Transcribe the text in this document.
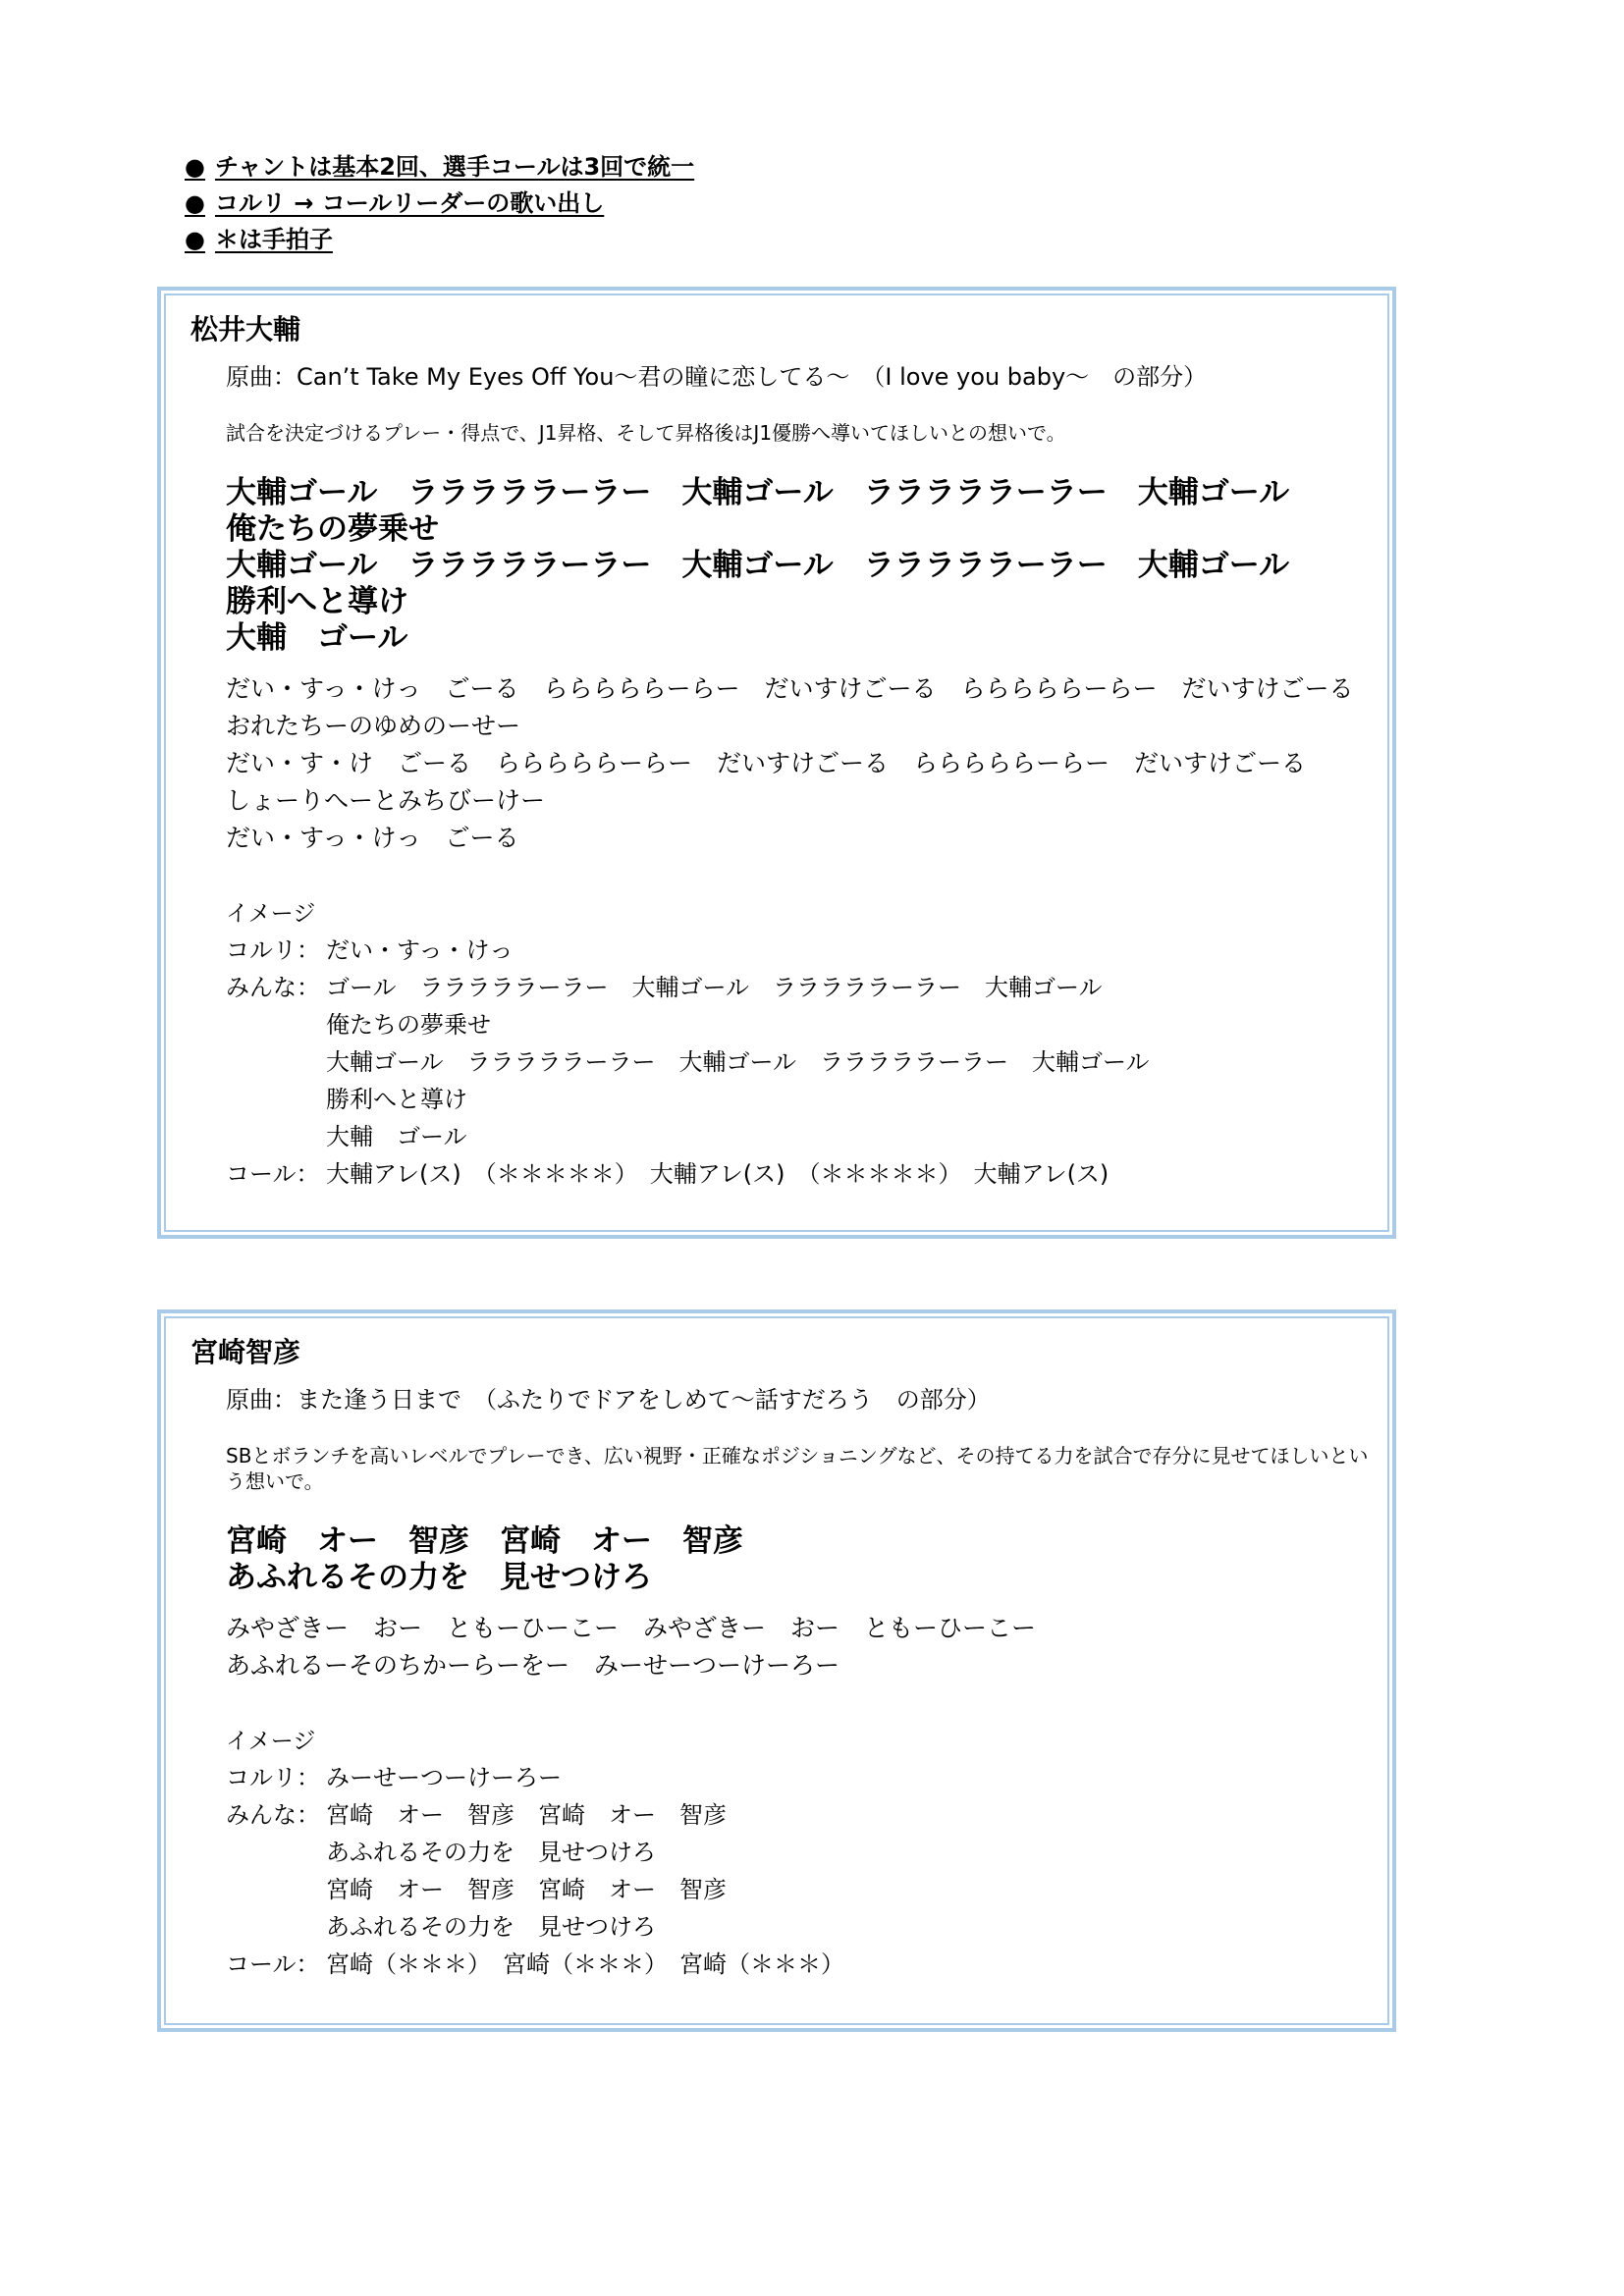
● チャントは基本2回、選手コールは3回で統一
● コルリ → コールリーダーの歌い出し
● ＊は手拍子
松井大輔
原曲：Can’t Take My Eyes Off You～君の瞳に恋してる～　（I love you baby～　の部分）
試合を決定づけるプレー・得点で、J1昇格、そして昇格後はJ1優勝へ導いてほしいとの想いで。
大輔ゴール　ラララララーラー　大輔ゴール　ラララララーラー　大輔ゴール
俺たちの夢乗せ
大輔ゴール　ラララララーラー　大輔ゴール　ラララララーラー　大輔ゴール
勝利へと導け
大輔　ゴール
だい・すっ・けっ　ごーる　らららららーらー　だいすけごーる　らららららーらー　だいすけごーる
おれたちーのゆめのーせー
だい・す・け　ごーる　らららららーらー　だいすけごーる　らららららーらー　だいすけごーる
しょーりへーとみちびーけー
だい・すっ・けっ　ごーる
イメージ
コルリ： だい・すっ・けっ
みんな： ゴール　ラララララーラー　大輔ゴール　ラララララーラー　大輔ゴール
俺たちの夢乗せ
大輔ゴール　ラララララーラー　大輔ゴール　ラララララーラー　大輔ゴール
勝利へと導け
大輔　ゴール
コール： 大輔アレ(ス)　（＊＊＊＊＊）　大輔アレ(ス)　（＊＊＊＊＊）　大輔アレ(ス)
宮崎智彦
原曲：また逢う日まで　（ふたりでドアをしめて～話すだろう　の部分）
SBとボランチを高いレベルでプレーでき、広い視野・正確なポジショニングなど、その持てる力を試合で存分に見せてほしいという想いで。
宮崎　オー　智彦　宮崎　オー　智彦
あふれるその力を　見せつけろ
みやざきー　おー　ともーひーこー　みやざきー　おー　ともーひーこー
あふれるーそのちかーらーをー　みーせーつーけーろー
イメージ
コルリ： みーせーつーけーろー
みんな： 宮崎　オー　智彦　宮崎　オー　智彦
あふれるその力を　見せつけろ
宮崎　オー　智彦　宮崎　オー　智彦
あふれるその力を　見せつけろ
コール： 宮崎（＊＊＊）　宮崎（＊＊＊）　宮崎（＊＊＊）
